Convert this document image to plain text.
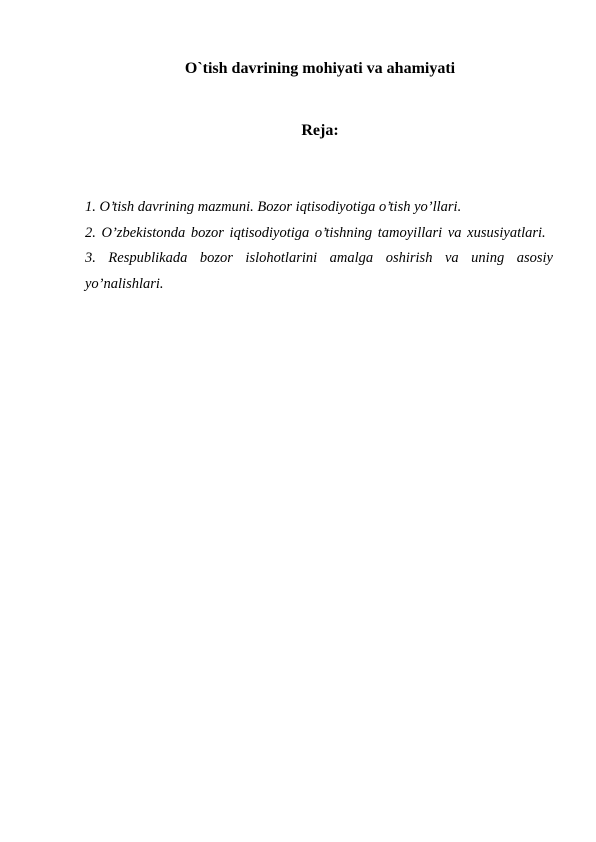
O`tish davrining mohiyati va ahamiyati
Reja:

1. O’tish davrining mazmuni. Bozor iqtisodiyotiga o’tish yo’llari.

2. O’zbekistonda bozor iqtisodiyotiga o’tishning tamoyillari va xususiyatlari.

3. Respublikada bozor islohotlarini amalga oshirish va uning asosiy yo’nalishlari.
